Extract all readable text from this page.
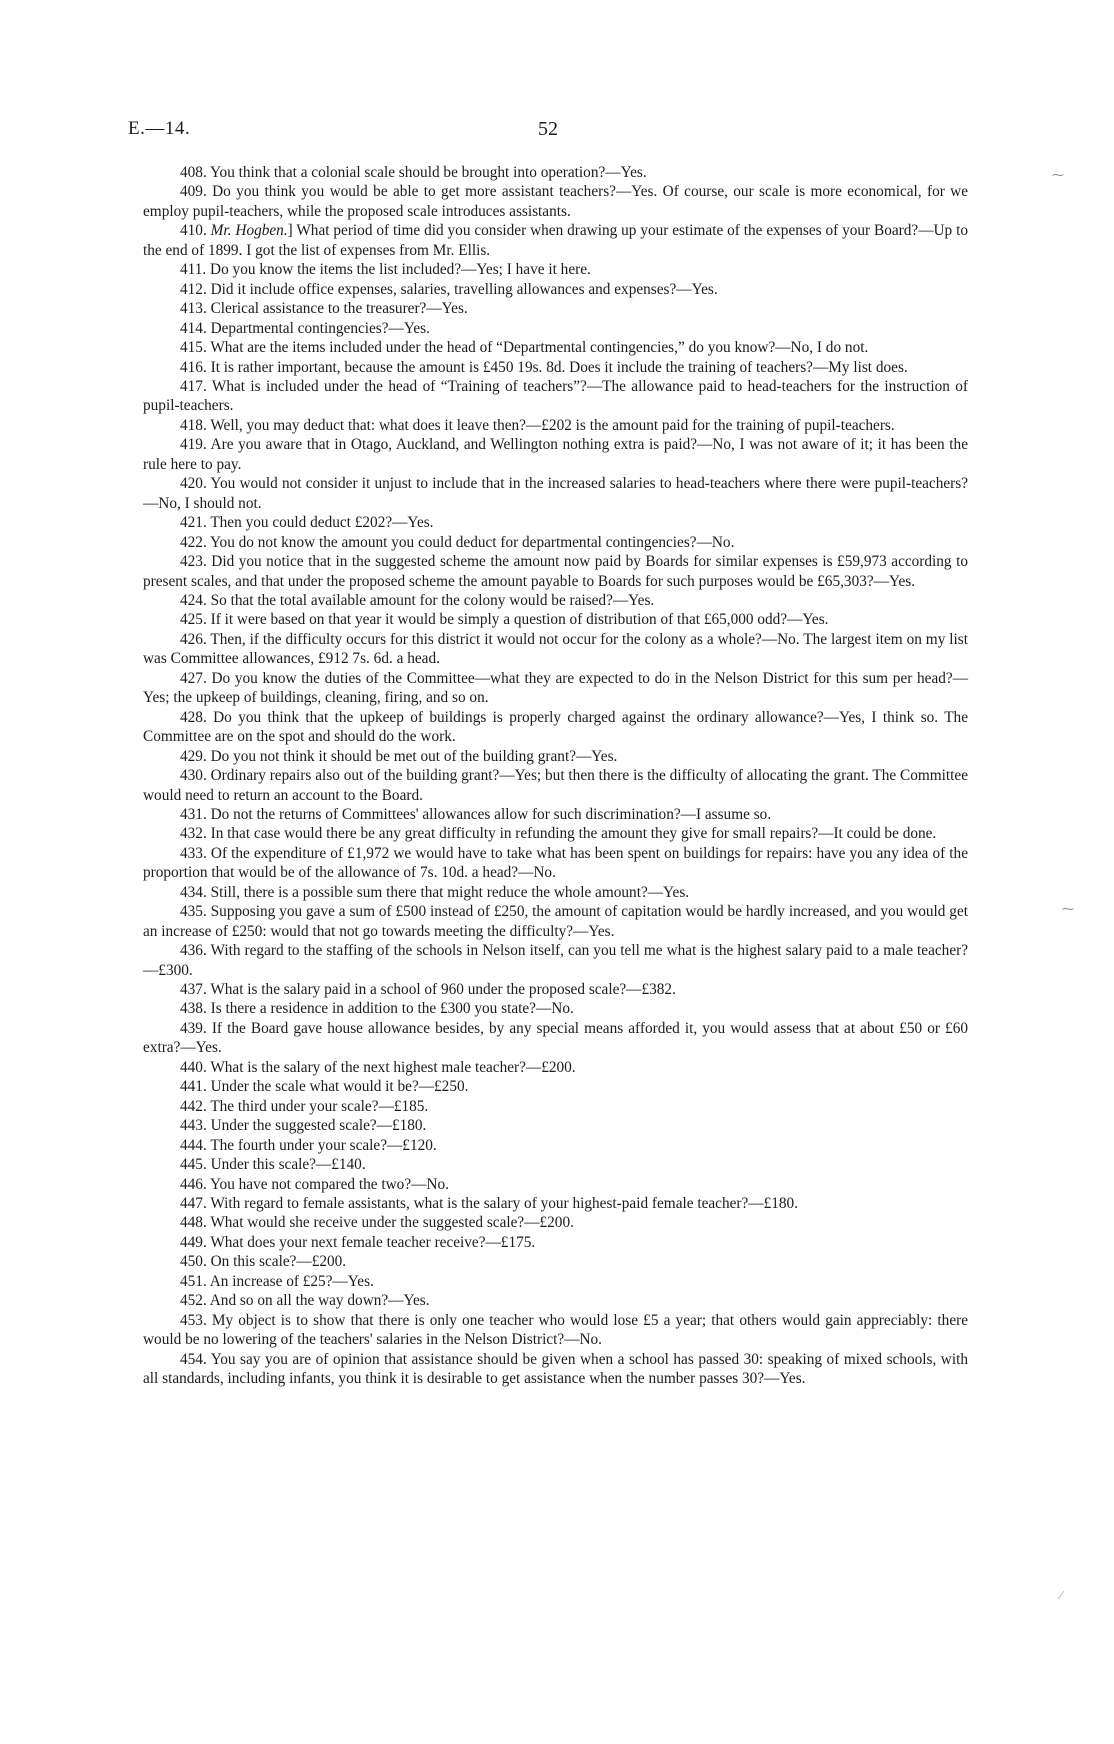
E.—14.	52

408. You think that a colonial scale should be brought into operation?—Yes.

409. Do you think you would be able to get more assistant teachers?—Yes. Of course, our scale is more economical, for we employ pupil-teachers, while the proposed scale introduces assistants.

410. Mr. Hogben.] What period of time did you consider when drawing up your estimate of the expenses of your Board?—Up to the end of 1899. I got the list of expenses from Mr. Ellis.

411. Do you know the items the list included?—Yes; I have it here.

412. Did it include office expenses, salaries, travelling allowances and expenses?—Yes.

413. Clerical assistance to the treasurer?—Yes.

414. Departmental contingencies?—Yes.

415. What are the items included under the head of “Departmental contingencies,” do you know?—No, I do not.

416. It is rather important, because the amount is £450 19s. 8d. Does it include the training of teachers?—My list does.

417. What is included under the head of “Training of teachers”?—The allowance paid to head-teachers for the instruction of pupil-teachers.

418. Well, you may deduct that: what does it leave then?—£202 is the amount paid for the training of pupil-teachers.

419. Are you aware that in Otago, Auckland, and Wellington nothing extra is paid?—No, I was not aware of it; it has been the rule here to pay.

420. You would not consider it unjust to include that in the increased salaries to head-teachers where there were pupil-teachers?—No, I should not.

421. Then you could deduct £202?—Yes.

422. You do not know the amount you could deduct for departmental contingencies?—No.

423. Did you notice that in the suggested scheme the amount now paid by Boards for similar expenses is £59,973 according to present scales, and that under the proposed scheme the amount payable to Boards for such purposes would be £65,303?—Yes.

424. So that the total available amount for the colony would be raised?—Yes.

425. If it were based on that year it would be simply a question of distribution of that £65,000 odd?—Yes.

426. Then, if the difficulty occurs for this district it would not occur for the colony as a whole?—No. The largest item on my list was Committee allowances, £912 7s. 6d. a head.

427. Do you know the duties of the Committee—what they are expected to do in the Nelson District for this sum per head?—Yes; the upkeep of buildings, cleaning, firing, and so on.

428. Do you think that the upkeep of buildings is properly charged against the ordinary allowance?—Yes, I think so. The Committee are on the spot and should do the work.

429. Do you not think it should be met out of the building grant?—Yes.

430. Ordinary repairs also out of the building grant?—Yes; but then there is the difficulty of allocating the grant. The Committee would need to return an account to the Board.

431. Do not the returns of Committees' allowances allow for such discrimination?—I assume so.

432. In that case would there be any great difficulty in refunding the amount they give for small repairs?—It could be done.

433. Of the expenditure of £1,972 we would have to take what has been spent on buildings for repairs: have you any idea of the proportion that would be of the allowance of 7s. 10d. a head?—No.

434. Still, there is a possible sum there that might reduce the whole amount?—Yes.

435. Supposing you gave a sum of £500 instead of £250, the amount of capitation would be hardly increased, and you would get an increase of £250: would that not go towards meeting the difficulty?—Yes.

436. With regard to the staffing of the schools in Nelson itself, can you tell me what is the highest salary paid to a male teacher?—£300.

437. What is the salary paid in a school of 960 under the proposed scale?—£382.

438. Is there a residence in addition to the £300 you state?—No.

439. If the Board gave house allowance besides, by any special means afforded it, you would assess that at about £50 or £60 extra?—Yes.

440. What is the salary of the next highest male teacher?—£200.

441. Under the scale what would it be?—£250.

442. The third under your scale?—£185.

443. Under the suggested scale?—£180.

444. The fourth under your scale?—£120.

445. Under this scale?—£140.

446. You have not compared the two?—No.

447. With regard to female assistants, what is the salary of your highest-paid female teacher?—£180.

448. What would she receive under the suggested scale?—£200.

449. What does your next female teacher receive?—£175.

450. On this scale?—£200.

451. An increase of £25?—Yes.

452. And so on all the way down?—Yes.

453. My object is to show that there is only one teacher who would lose £5 a year; that others would gain appreciably: there would be no lowering of the teachers' salaries in the Nelson District?—No.

454. You say you are of opinion that assistance should be given when a school has passed 30: speaking of mixed schools, with all standards, including infants, you think it is desirable to get assistance when the number passes 30?—Yes.

⁓
⁓
∕
